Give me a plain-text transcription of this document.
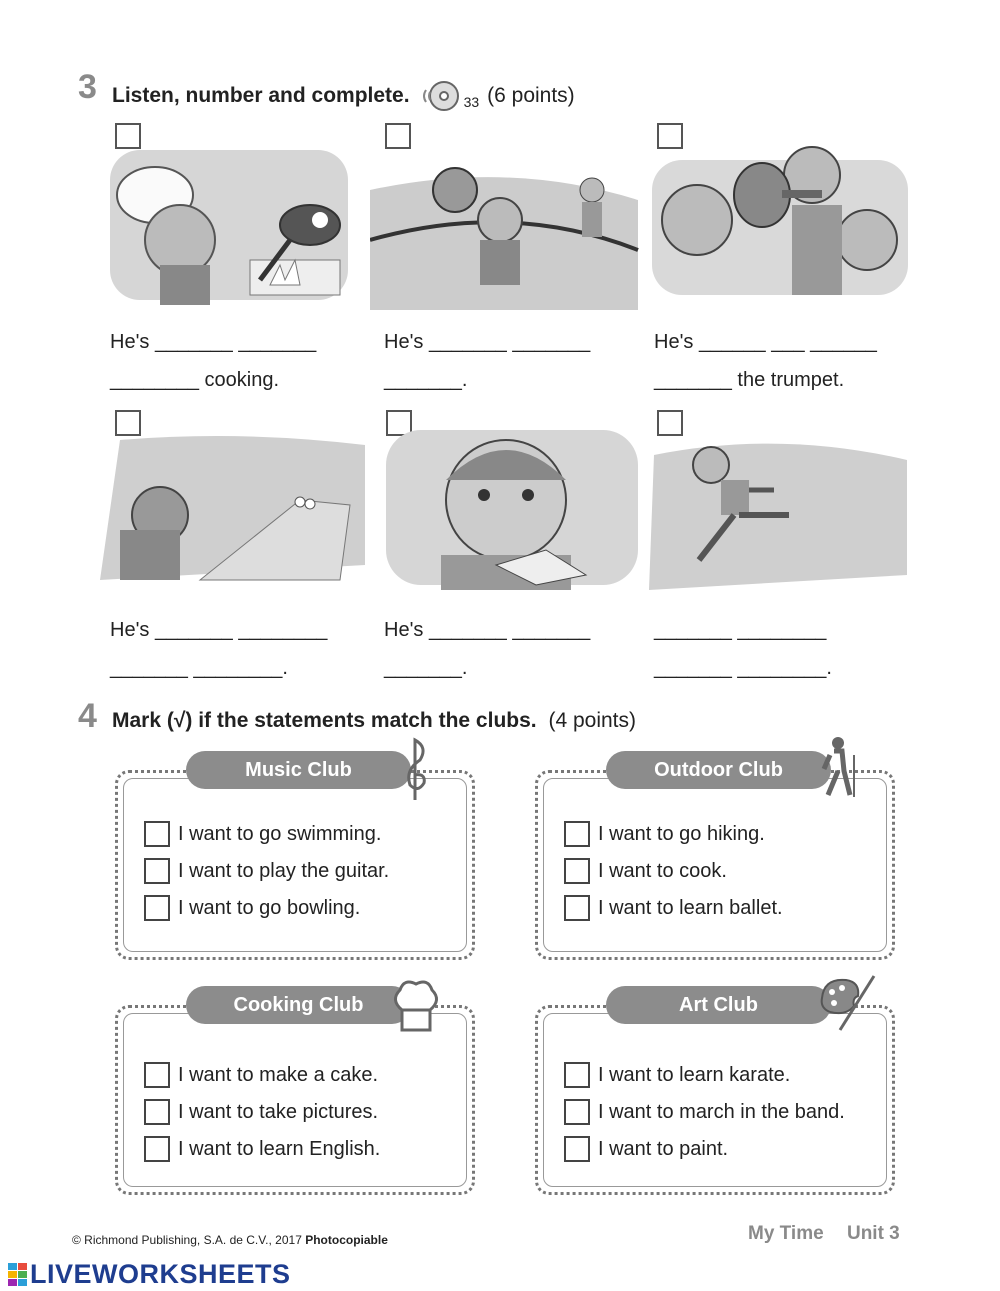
3 Listen, number and complete.	$_{33}$ (6 points)
He's _______ _______
________ cooking.
He's _______ _______
_______.
He's ______ ___ ______
_______ the trumpet.
He's _______ ________
_______ ________.
He's _______ _______
_______.
_______ ________
_______ ________.
4 Mark (√) if the statements match the clubs. (4 points)
Music Club
I want to go swimming.
I want to play the guitar.
I want to go bowling.
Outdoor Club
I want to go hiking.
I want to cook.
I want to learn ballet.
Cooking Club
I want to make a cake.
I want to take pictures.
I want to learn English.
Art Club
I want to learn karate.
I want to march in the band.
I want to paint.
© Richmond Publishing, S.A. de C.V., 2017 Photocopiable	My Time Unit 3
LIVEWORKSHEETS
